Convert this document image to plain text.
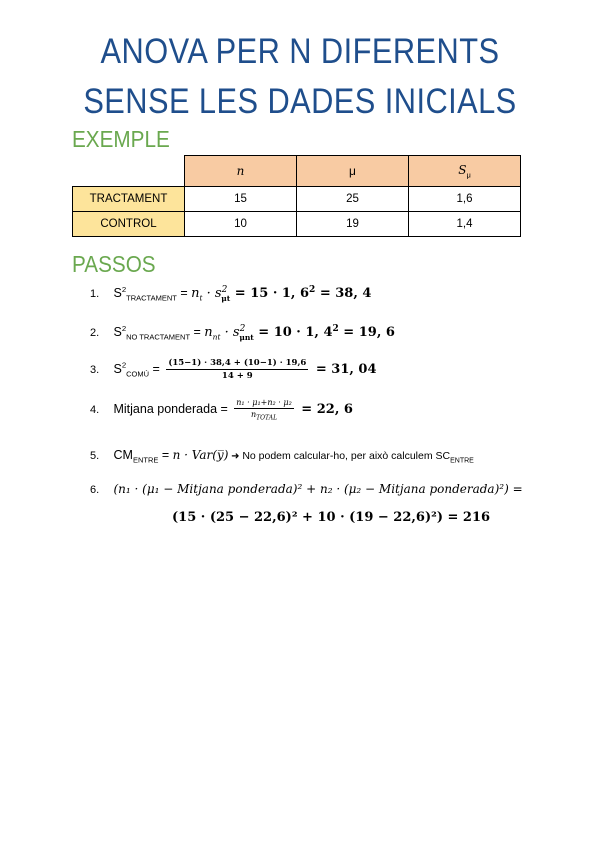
ANOVA PER N DIFERENTS
SENSE LES DADES INICIALS
EXEMPLE
	n	μ	$S_\mu$
TRACTAMENT	15	25	1,6
CONTROL	10	19	1,4
PASSOS
1. $S^2_{TRACTAMENT} = n_t \cdot s^2_{\mu t} = 15 \cdot 1$, $6^2 = 38$, 4
2. $S^2_{NO TRACTAMENT} = n_{nt} \cdot s^2_{\mu nt} = 10 \cdot 1$, $4^2 = 19$, 6
3. $S^2_{COMÚ} = \frac{(15-1) \cdot 38,4 + (10-1) \cdot 19,6}{14 + 9} = 31$, 04
4. Mitjana ponderada = $\frac{\text{n₁ · μ₁+n₂ · μ₂}}{n_{TOTAL}} = 22$, 6
5. $CM_{ENTRE} = n$ · Var(y̅) ➜ No podem calcular-ho, per això calculem $SC_{ENTRE}$
6. (n₁ · (μ₁ − Mitjana ponderada)² + n₂ · (μ₂ − Mitjana ponderada)²) =
(15 · (25 − 22,6)² + 10 · (19 − 22,6)²) = 216
